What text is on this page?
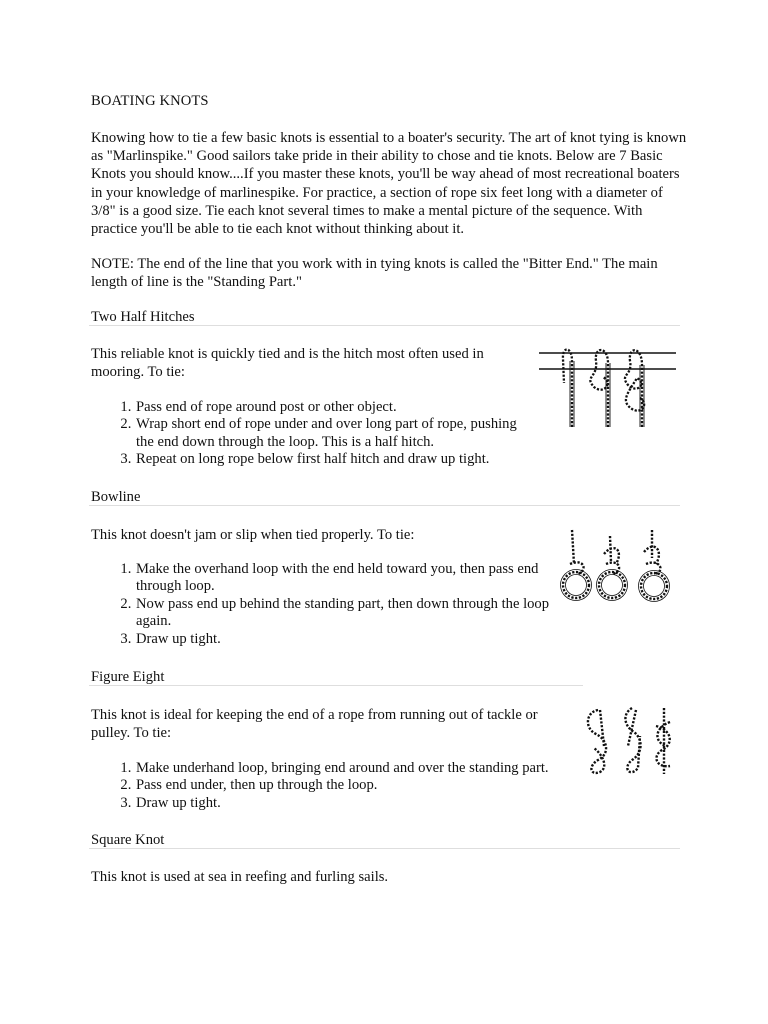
BOATING KNOTS

Knowing how to tie a few basic knots is essential to a boater's security. The art of knot tying is known as "Marlinspike." Good sailors take pride in their ability to chose and tie knots. Below are 7 Basic Knots you should know....If you master these knots, you'll be way ahead of most recreational boaters in your knowledge of marlinespike. For practice, a section of rope six feet long with a diameter of 3/8" is a good size. Tie each knot several times to make a mental picture of the sequence. With practice you'll be able to tie each knot without thinking about it.

NOTE: The end of the line that you work with in tying knots is called the "Bitter End." The main length of line is the "Standing Part."

Two Half Hitches

This reliable knot is quickly tied and is the hitch most often used in mooring. To tie:

1. Pass end of rope around post or other object.
2. Wrap short end of rope under and over long part of rope, pushing the end down through the loop. This is a half hitch.
3. Repeat on long rope below first half hitch and draw up tight.
Bowline

This knot doesn't jam or slip when tied properly. To tie:

1. Make the overhand loop with the end held toward you, then pass end through loop.
2. Now pass end up behind the standing part, then down through the loop again.
3. Draw up tight.
Figure Eight

This knot is ideal for keeping the end of a rope from running out of tackle or pulley. To tie:

1. Make underhand loop, bringing end around and over the standing part.
2. Pass end under, then up through the loop.
3. Draw up tight.
Square Knot

This knot is used at sea in reefing and furling sails.
